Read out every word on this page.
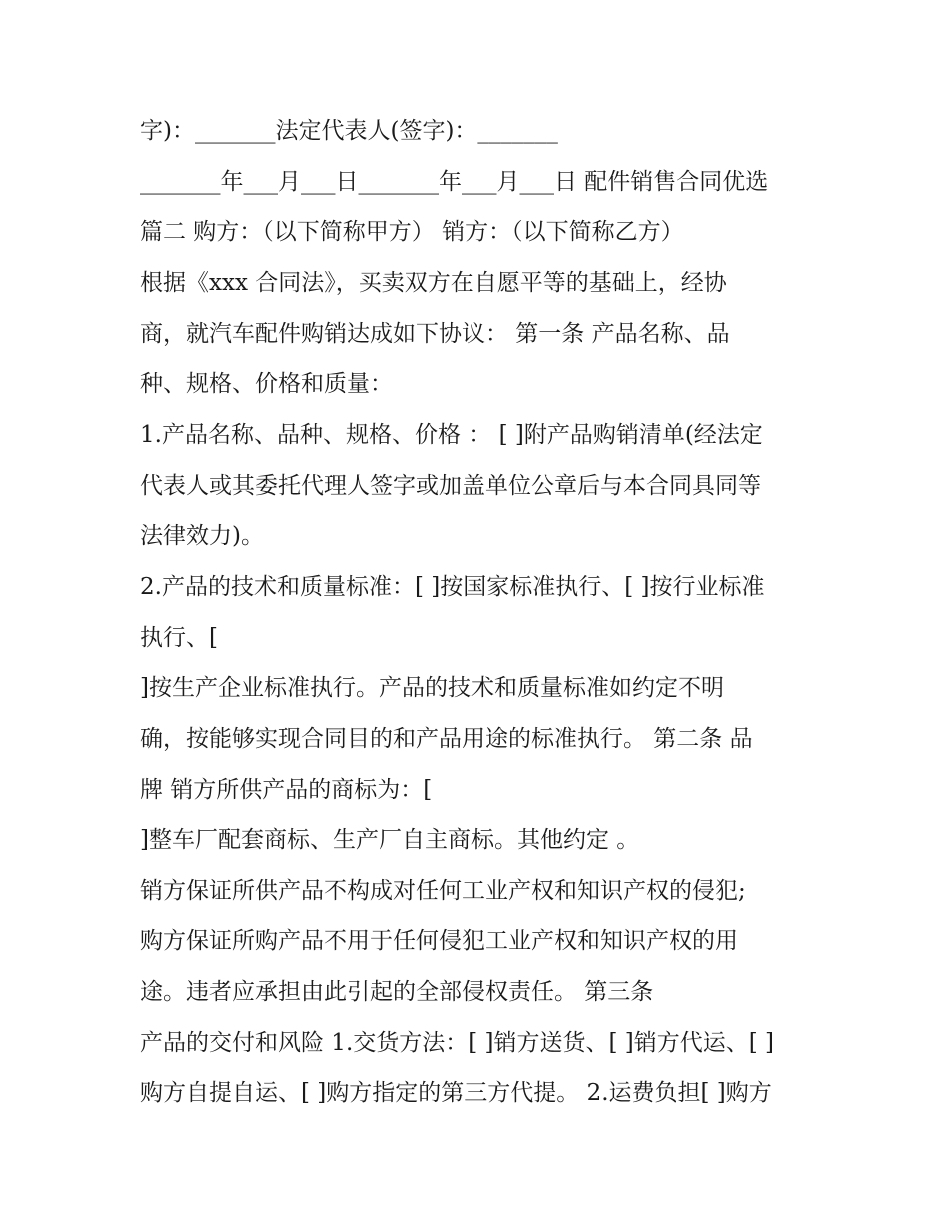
字)：_______法定代表人(签字)：_______
_______年___月___日_______年___月___日 配件销售合同优选
篇二 购方：（以下简称甲方） 销方：（以下简称乙方）
根据《xxx 合同法》，买卖双方在自愿平等的基础上，经协
商，就汽车配件购销达成如下协议： 第一条 产品名称、品
种、规格、价格和质量：
1.产品名称、品种、规格、价格 ： [ ]附产品购销清单(经法定
代表人或其委托代理人签字或加盖单位公章后与本合同具同等
法律效力)。
2.产品的技术和质量标准：[ ]按国家标准执行、[ ]按行业标准
执行、[
]按生产企业标准执行。产品的技术和质量标准如约定不明
确，按能够实现合同目的和产品用途的标准执行。 第二条 品
牌 销方所供产品的商标为：[
]整车厂配套商标、生产厂自主商标。其他约定 。
销方保证所供产品不构成对任何工业产权和知识产权的侵犯;
购方保证所购产品不用于任何侵犯工业产权和知识产权的用
途。违者应承担由此引起的全部侵权责任。 第三条
产品的交付和风险 1.交货方法：[ ]销方送货、[ ]销方代运、[ ]
购方自提自运、[ ]购方指定的第三方代提。 2.运费负担[ ]购方
